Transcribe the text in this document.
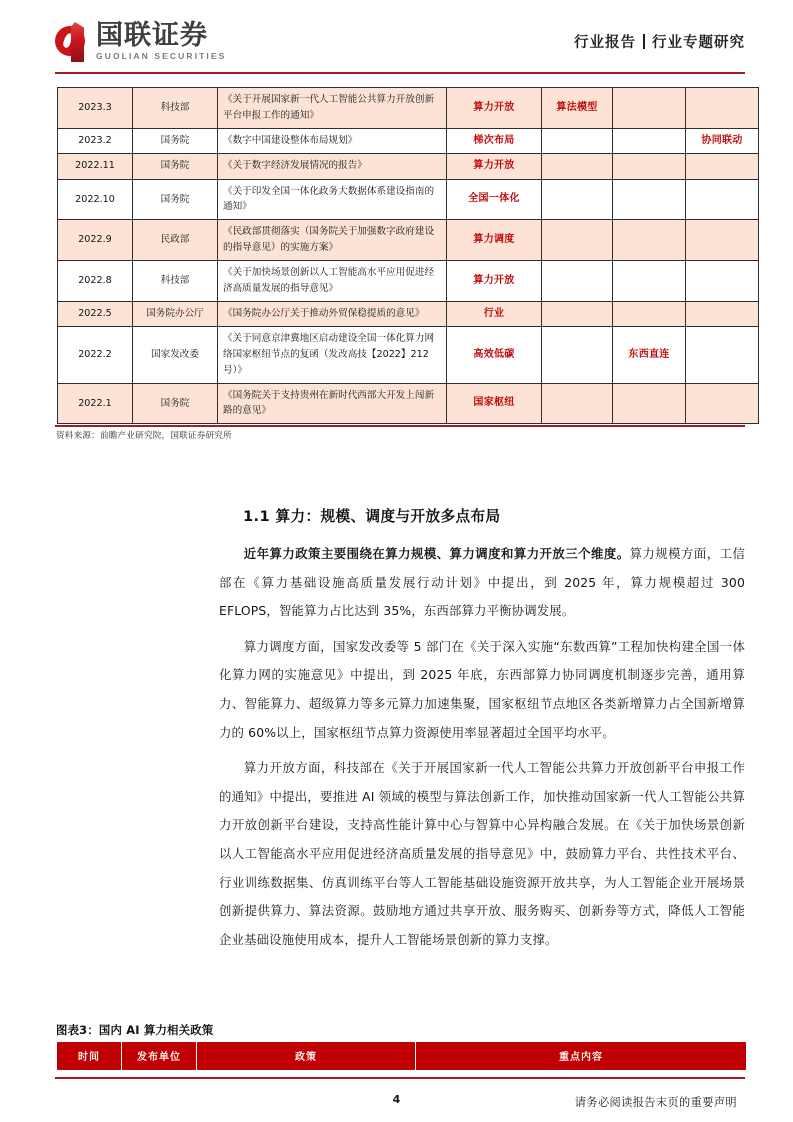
国联证券
GUOLIAN SECURITIES
行业报告 行业专题研究
2023.3	科技部	《关于开展国家新一代人工智能公共算力开放创新平台申报工作的通知》	算力开放	算法模型		
2023.2	国务院	《数字中国建设整体布局规划》	梯次布局			协同联动
2022.11	国务院	《关于数字经济发展情况的报告》	算力开放			
2022.10	国务院	《关于印发全国一体化政务大数据体系建设指南的通知》	全国一体化			
2022.9	民政部	《民政部贯彻落实（国务院关于加强数字政府建设的指导意见）的实施方案》	算力调度			
2022.8	科技部	《关于加快场景创新以人工智能高水平应用促进经济高质量发展的指导意见》	算力开放			
2022.5	国务院办公厅	《国务院办公厅关于推动外贸保稳提质的意见》	行业			
2022.2	国家发改委	《关于同意京津冀地区启动建设全国一体化算力网络国家枢纽节点的复函（发改高技【2022】212 号）》	高效低碳		东西直连	
2022.1	国务院	《国务院关于支持贵州在新时代西部大开发上闯新路的意见》	国家枢纽			
资料来源：前瞻产业研究院，国联证券研究所
1.1 算力：规模、调度与开放多点布局

近年算力政策主要围绕在算力规模、算力调度和算力开放三个维度。算力规模方面，工信部在《算力基础设施高质量发展行动计划》中提出，到 2025 年，算力规模超过 300 EFLOPS，智能算力占比达到 35%，东西部算力平衡协调发展。

算力调度方面，国家发改委等 5 部门在《关于深入实施“东数西算”工程加快构建全国一体化算力网的实施意见》中提出，到 2025 年底，东西部算力协同调度机制逐步完善，通用算力、智能算力、超级算力等多元算力加速集聚，国家枢纽节点地区各类新增算力占全国新增算力的 60%以上，国家枢纽节点算力资源使用率显著超过全国平均水平。

算力开放方面，科技部在《关于开展国家新一代人工智能公共算力开放创新平台申报工作的通知》中提出，要推进 AI 领域的模型与算法创新工作，加快推动国家新一代人工智能公共算力开放创新平台建设，支持高性能计算中心与智算中心异构融合发展。在《关于加快场景创新以人工智能高水平应用促进经济高质量发展的指导意见》中，鼓励算力平台、共性技术平台、行业训练数据集、仿真训练平台等人工智能基础设施资源开放共享，为人工智能企业开展场景创新提供算力、算法资源。鼓励地方通过共享开放、服务购买、创新券等方式，降低人工智能企业基础设施使用成本，提升人工智能场景创新的算力支撑。

图表3：国内 AI 算力相关政策
时间	发布单位	政策	重点内容
4	请务必阅读报告末页的重要声明
